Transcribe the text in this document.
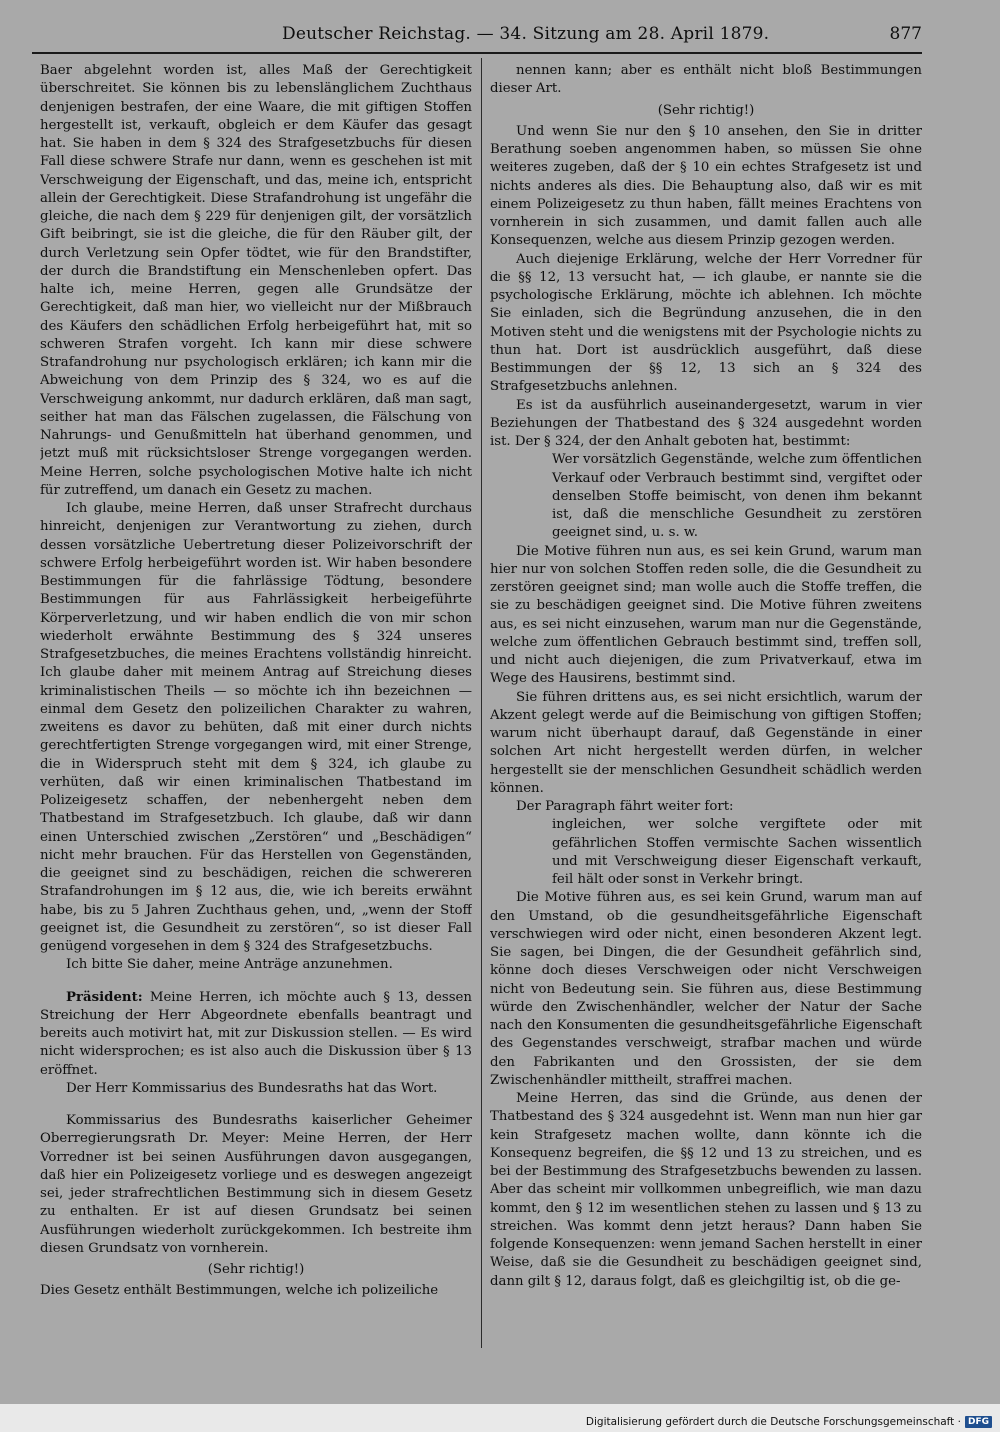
Deutscher Reichstag. — 34. Sitzung am 28. April 1879.	877

Baer abgelehnt worden ist, alles Maß der Gerechtigkeit überschreitet. Sie können bis zu lebenslänglichem Zuchthaus denjenigen bestrafen, der eine Waare, die mit giftigen Stoffen hergestellt ist, verkauft, obgleich er dem Käufer das gesagt hat. Sie haben in dem § 324 des Strafgesetzbuchs für diesen Fall diese schwere Strafe nur dann, wenn es geschehen ist mit Verschweigung der Eigenschaft, und das, meine ich, entspricht allein der Gerechtigkeit. Diese Strafandrohung ist ungefähr die gleiche, die nach dem § 229 für denjenigen gilt, der vorsätzlich Gift beibringt, sie ist die gleiche, die für den Räuber gilt, der durch Verletzung sein Opfer tödtet, wie für den Brandstifter, der durch die Brandstiftung ein Menschenleben opfert. Das halte ich, meine Herren, gegen alle Grundsätze der Gerechtigkeit, daß man hier, wo vielleicht nur der Mißbrauch des Käufers den schädlichen Erfolg herbeigeführt hat, mit so schweren Strafen vorgeht. Ich kann mir diese schwere Strafandrohung nur psychologisch erklären; ich kann mir die Abweichung von dem Prinzip des § 324, wo es auf die Verschweigung ankommt, nur dadurch erklären, daß man sagt, seither hat man das Fälschen zugelassen, die Fälschung von Nahrungs- und Genußmitteln hat überhand genommen, und jetzt muß mit rücksichtsloser Strenge vorgegangen werden. Meine Herren, solche psychologischen Motive halte ich nicht für zutreffend, um danach ein Gesetz zu machen.

Ich glaube, meine Herren, daß unser Strafrecht durchaus hinreicht, denjenigen zur Verantwortung zu ziehen, durch dessen vorsätzliche Uebertretung dieser Polizeivorschrift der schwere Erfolg herbeigeführt worden ist. Wir haben besondere Bestimmungen für die fahrlässige Tödtung, besondere Bestimmungen für aus Fahrlässigkeit herbeigeführte Körperverletzung, und wir haben endlich die von mir schon wiederholt erwähnte Bestimmung des § 324 unseres Strafgesetzbuches, die meines Erachtens vollständig hinreicht. Ich glaube daher mit meinem Antrag auf Streichung dieses kriminalistischen Theils — so möchte ich ihn bezeichnen — einmal dem Gesetz den polizeilichen Charakter zu wahren, zweitens es davor zu behüten, daß mit einer durch nichts gerechtfertigten Strenge vorgegangen wird, mit einer Strenge, die in Widerspruch steht mit dem § 324, ich glaube zu verhüten, daß wir einen kriminalischen Thatbestand im Polizeigesetz schaffen, der nebenhergeht neben dem Thatbestand im Strafgesetzbuch. Ich glaube, daß wir dann einen Unterschied zwischen „Zerstören“ und „Beschädigen“ nicht mehr brauchen. Für das Herstellen von Gegenständen, die geeignet sind zu beschädigen, reichen die schwereren Strafandrohungen im § 12 aus, die, wie ich bereits erwähnt habe, bis zu 5 Jahren Zuchthaus gehen, und, „wenn der Stoff geeignet ist, die Gesundheit zu zerstören“, so ist dieser Fall genügend vorgesehen in dem § 324 des Strafgesetzbuchs.

Ich bitte Sie daher, meine Anträge anzunehmen.

Präsident: Meine Herren, ich möchte auch § 13, dessen Streichung der Herr Abgeordnete ebenfalls beantragt und bereits auch motivirt hat, mit zur Diskussion stellen. — Es wird nicht widersprochen; es ist also auch die Diskussion über § 13 eröffnet.

Der Herr Kommissarius des Bundesraths hat das Wort.

Kommissarius des Bundesraths kaiserlicher Geheimer Oberregierungsrath Dr. Meyer: Meine Herren, der Herr Vorredner ist bei seinen Ausführungen davon ausgegangen, daß hier ein Polizeigesetz vorliege und es deswegen angezeigt sei, jeder strafrechtlichen Bestimmung sich in diesem Gesetz zu enthalten. Er ist auf diesen Grundsatz bei seinen Ausführungen wiederholt zurückgekommen. Ich bestreite ihm diesen Grundsatz von vornherein.

(Sehr richtig!)

Dies Gesetz enthält Bestimmungen, welche ich polizeiliche

nennen kann; aber es enthält nicht bloß Bestimmungen dieser Art.

(Sehr richtig!)

Und wenn Sie nur den § 10 ansehen, den Sie in dritter Berathung soeben angenommen haben, so müssen Sie ohne weiteres zugeben, daß der § 10 ein echtes Strafgesetz ist und nichts anderes als dies. Die Behauptung also, daß wir es mit einem Polizeigesetz zu thun haben, fällt meines Erachtens von vornherein in sich zusammen, und damit fallen auch alle Konsequenzen, welche aus diesem Prinzip gezogen werden.

Auch diejenige Erklärung, welche der Herr Vorredner für die §§ 12, 13 versucht hat, — ich glaube, er nannte sie die psychologische Erklärung, möchte ich ablehnen. Ich möchte Sie einladen, sich die Begründung anzusehen, die in den Motiven steht und die wenigstens mit der Psychologie nichts zu thun hat. Dort ist ausdrücklich ausgeführt, daß diese Bestimmungen der §§ 12, 13 sich an § 324 des Strafgesetzbuchs anlehnen.

Es ist da ausführlich auseinandergesetzt, warum in vier Beziehungen der Thatbestand des § 324 ausgedehnt worden ist. Der § 324, der den Anhalt geboten hat, bestimmt:

Wer vorsätzlich Gegenstände, welche zum öffentlichen Verkauf oder Verbrauch bestimmt sind, vergiftet oder denselben Stoffe beimischt, von denen ihm bekannt ist, daß die menschliche Gesundheit zu zerstören geeignet sind, u. s. w.

Die Motive führen nun aus, es sei kein Grund, warum man hier nur von solchen Stoffen reden solle, die die Gesundheit zu zerstören geeignet sind; man wolle auch die Stoffe treffen, die sie zu beschädigen geeignet sind. Die Motive führen zweitens aus, es sei nicht einzusehen, warum man nur die Gegenstände, welche zum öffentlichen Gebrauch bestimmt sind, treffen soll, und nicht auch diejenigen, die zum Privatverkauf, etwa im Wege des Hausirens, bestimmt sind.

Sie führen drittens aus, es sei nicht ersichtlich, warum der Akzent gelegt werde auf die Beimischung von giftigen Stoffen; warum nicht überhaupt darauf, daß Gegenstände in einer solchen Art nicht hergestellt werden dürfen, in welcher hergestellt sie der menschlichen Gesundheit schädlich werden können.

Der Paragraph fährt weiter fort:

ingleichen, wer solche vergiftete oder mit gefährlichen Stoffen vermischte Sachen wissentlich und mit Verschweigung dieser Eigenschaft verkauft, feil hält oder sonst in Verkehr bringt.

Die Motive führen aus, es sei kein Grund, warum man auf den Umstand, ob die gesundheitsgefährliche Eigenschaft verschwiegen wird oder nicht, einen besonderen Akzent legt. Sie sagen, bei Dingen, die der Gesundheit gefährlich sind, könne doch dieses Verschweigen oder nicht Verschweigen nicht von Bedeutung sein. Sie führen aus, diese Bestimmung würde den Zwischenhändler, welcher der Natur der Sache nach den Konsumenten die gesundheitsgefährliche Eigenschaft des Gegenstandes verschweigt, strafbar machen und würde den Fabrikanten und den Grossisten, der sie dem Zwischenhändler mittheilt, straffrei machen.

Meine Herren, das sind die Gründe, aus denen der Thatbestand des § 324 ausgedehnt ist. Wenn man nun hier gar kein Strafgesetz machen wollte, dann könnte ich die Konsequenz begreifen, die §§ 12 und 13 zu streichen, und es bei der Bestimmung des Strafgesetzbuchs bewenden zu lassen. Aber das scheint mir vollkommen unbegreiflich, wie man dazu kommt, den § 12 im wesentlichen stehen zu lassen und § 13 zu streichen. Was kommt denn jetzt heraus? Dann haben Sie folgende Konsequenzen: wenn jemand Sachen herstellt in einer Weise, daß sie die Gesundheit zu beschädigen geeignet sind, dann gilt § 12, daraus folgt, daß es gleichgiltig ist, ob die ge-

Digitalisierung gefördert durch die Deutsche Forschungsgemeinschaft · DFG
